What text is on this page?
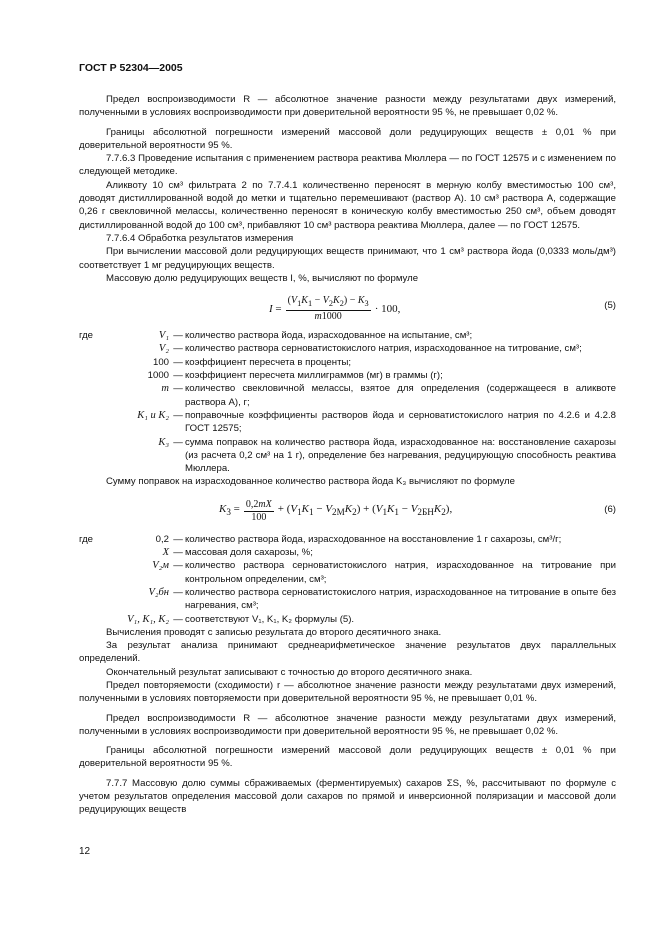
ГОСТ Р 52304—2005

Предел воспроизводимости R — абсолютное значение разности между результатами двух измерений, полученными в условиях воспроизводимости при доверительной вероятности 95 %, не превышает 0,02 %.

Границы абсолютной погрешности измерений массовой доли редуцирующих веществ ± 0,01 % при доверительной вероятности 95 %.

7.7.6.3 Проведение испытания с применением раствора реактива Мюллера — по ГОСТ 12575 и с изменением по следующей методике.

Аликвоту 10 см³ фильтрата 2 по 7.7.4.1 количественно переносят в мерную колбу вместимостью 100 см³, доводят дистиллированной водой до метки и тщательно перемешивают (раствор А). 10 см³ раствора А, содержащие 0,26 г свекловичной мелассы, количественно переносят в коническую колбу вместимостью 250 см³, объем доводят дистиллированной водой до 100 см³, прибавляют 10 см³ раствора реактива Мюллера, далее — по ГОСТ 12575.

7.7.6.4 Обработка результатов измерения

При вычислении массовой доли редуцирующих веществ принимают, что 1 см³ раствора йода (0,0333 моль/дм³) соответствует 1 мг редуцирующих веществ.

Массовую долю редуцирующих веществ I, %, вычисляют по формуле

$I = \frac{(V_1K_1 - V_2K_2) - K_3}{m1000} \cdot 100$,	(5)
где	V₁	—	количество раствора йода, израсходованное на испытание, см³;
	V₂	—	количество раствора серноватистокислого натрия, израсходованное на титрование, см³;
	100	—	коэффициент пересчета в проценты;
	1000	—	коэффициент пересчета миллиграммов (мг) в граммы (г);
	m	—	количество свекловичной мелассы, взятое для определения (содержащееся в аликвоте раствора А), г;
	K₁ и K₂	—	поправочные коэффициенты растворов йода и серноватистокислого натрия по 4.2.6 и 4.2.8 ГОСТ 12575;
	K₃	—	сумма поправок на количество раствора йода, израсходованное на: восстановление сахарозы (из расчета 0,2 см³ на 1 г), определение без нагревания, редуцирующую способность реактива Мюллера.

Сумму поправок на израсходованное количество раствора йода K₃ вычисляют по формуле

$K_3 = \frac{0,2mX}{100} + (V_1K_1 - V_{2М}K_2) + (V_1K_1 - V_{2БН}K_2)$,	(6)
где	0,2	—	количество раствора йода, израсходованное на восстановление 1 г сахарозы, см³/г;
	X	—	массовая доля сахарозы, %;
	V₂м	—	количество раствора серноватистокислого натрия, израсходованное на титрование при контрольном определении, см³;
	V₂бн	—	количество раствора серноватистокислого натрия, израсходованное на титрование в опыте без нагревания, см³;
	V₁, K₁, K₂	—	соответствуют V₁, K₁, K₂ формулы (5).

Вычисления проводят с записью результата до второго десятичного знака.

За результат анализа принимают среднеарифметическое значение результатов двух параллельных определений.

Окончательный результат записывают с точностью до второго десятичного знака.

Предел повторяемости (сходимости) r — абсолютное значение разности между результатами двух измерений, полученными в условиях повторяемости при доверительной вероятности 95 %, не превышает 0,01 %.

Предел воспроизводимости R — абсолютное значение разности между результатами двух измерений, полученными в условиях воспроизводимости при доверительной вероятности 95 %, не превышает 0,02 %.

Границы абсолютной погрешности измерений массовой доли редуцирующих веществ ± 0,01 % при доверительной вероятности 95 %.

7.7.7 Массовую долю суммы сбраживаемых (ферментируемых) сахаров ΣS, %, рассчитывают по формуле с учетом результатов определения массовой доли сахаров по прямой и инверсионной поляризации и массовой доли редуцирующих веществ

12
